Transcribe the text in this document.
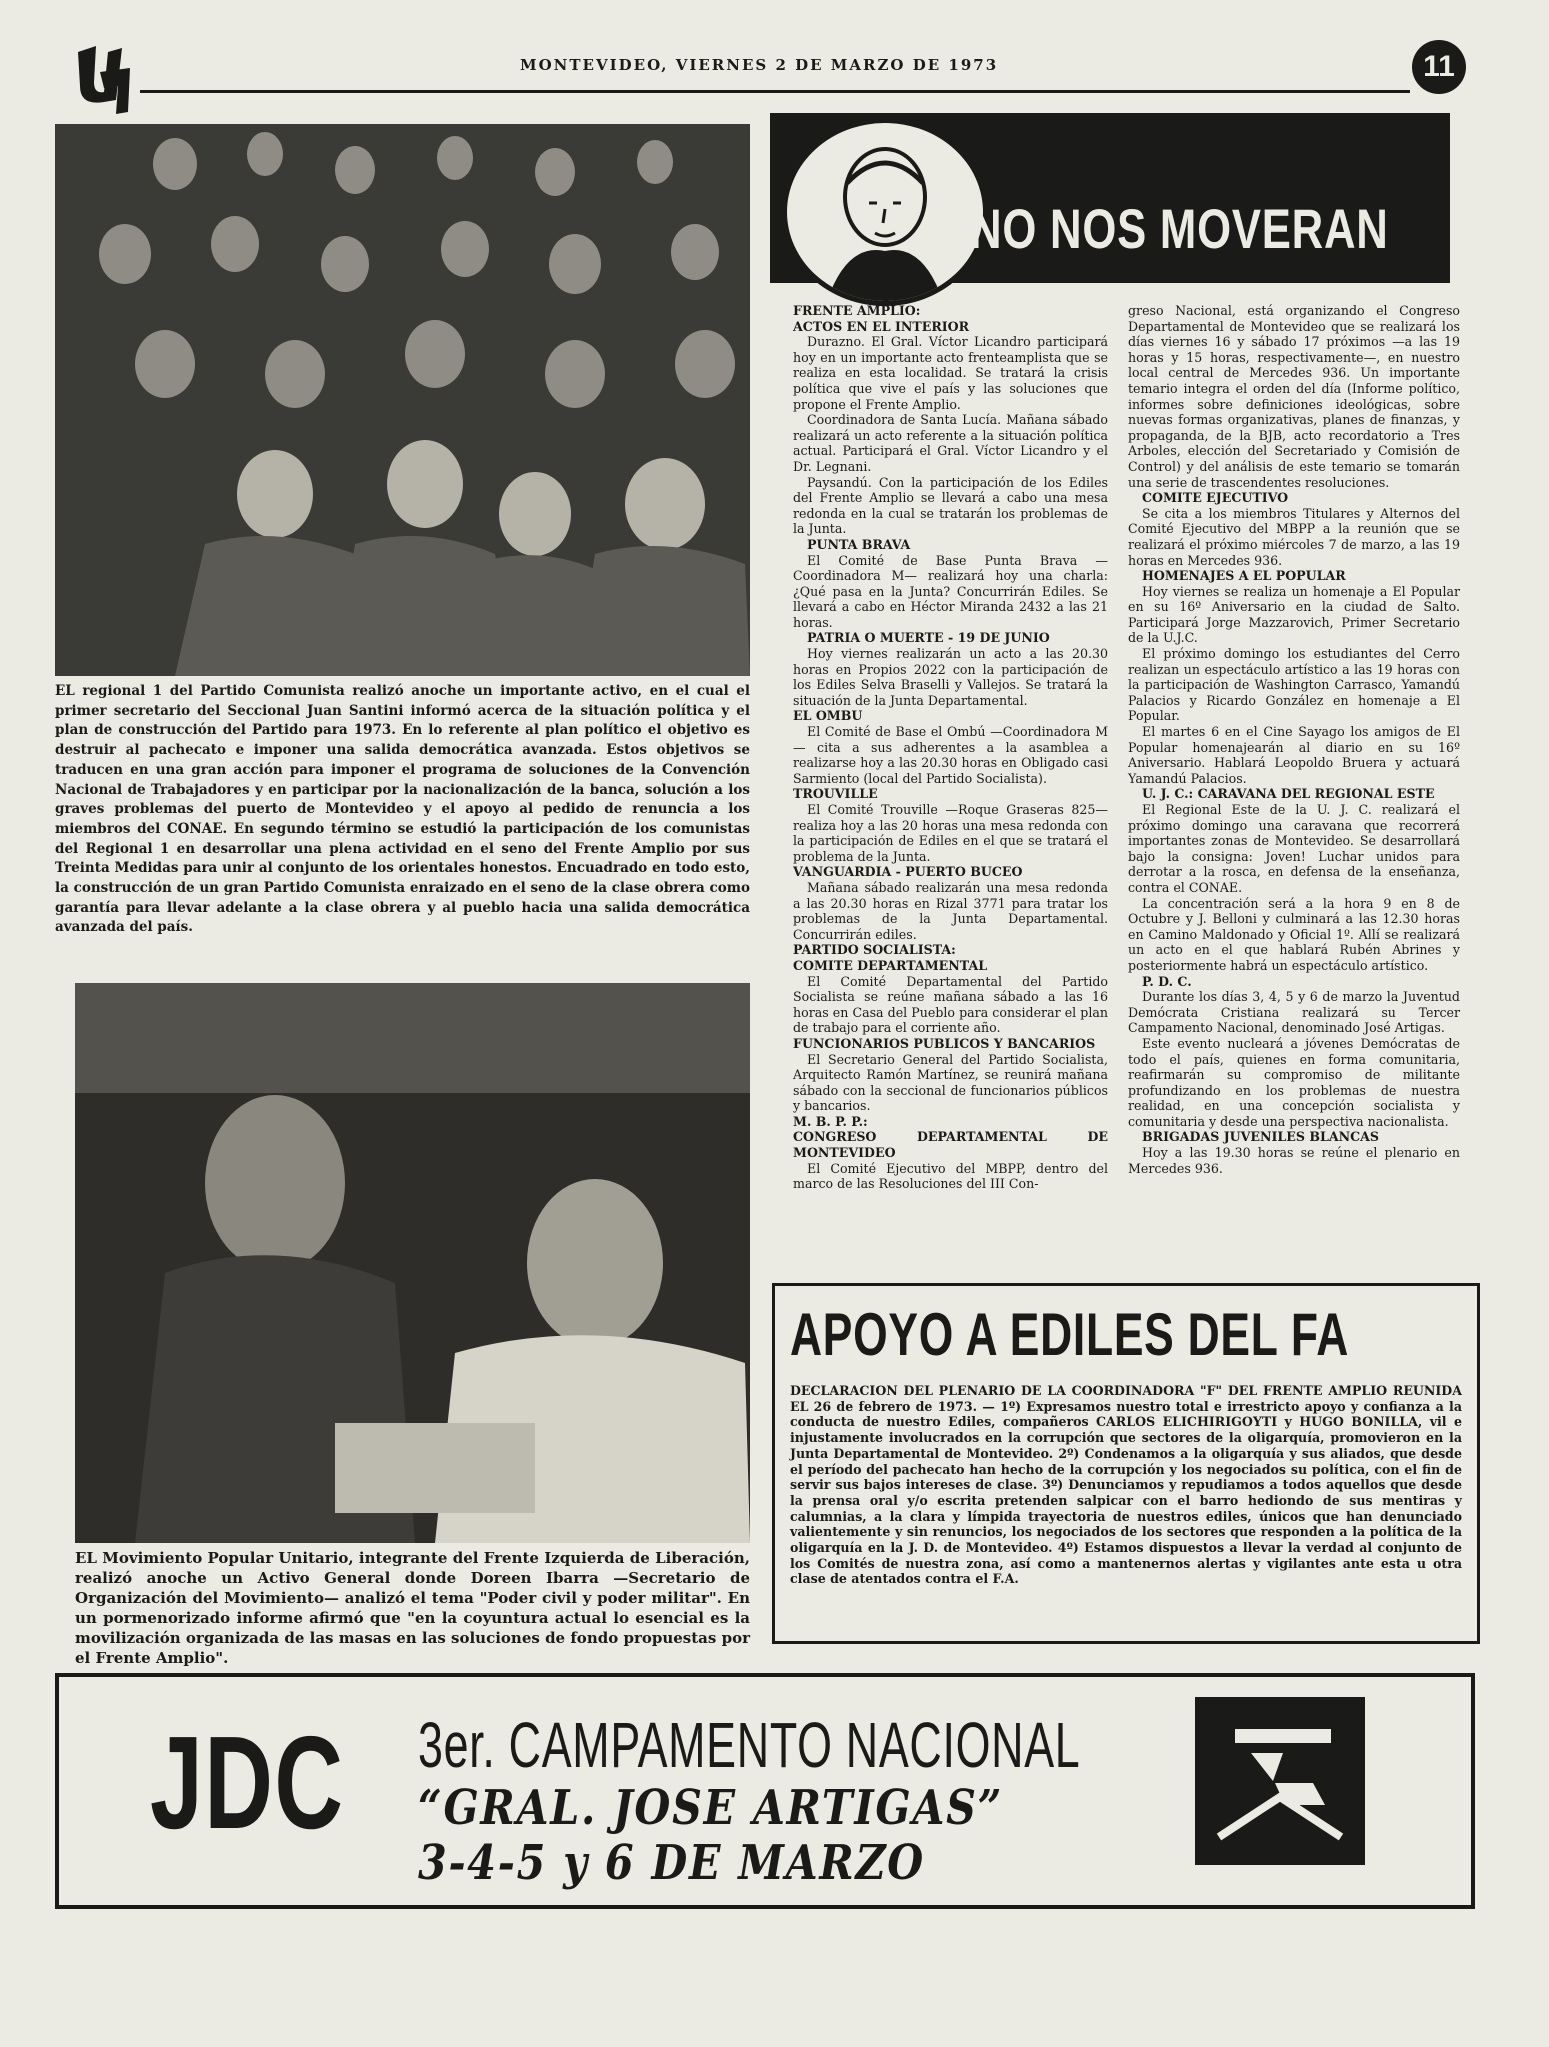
MONTEVIDEO, VIERNES 2 DE MARZO DE 1973	11
EL regional 1 del Partido Comunista realizó anoche un importante activo, en el cual el primer secretario del Seccional Juan Santini informó acerca de la situación política y el plan de construcción del Partido para 1973. En lo referente al plan político el objetivo es destruir al pachecato e imponer una salida democrática avanzada. Estos objetivos se traducen en una gran acción para imponer el programa de soluciones de la Convención Nacional de Trabajadores y en participar por la nacionalización de la banca, solución a los graves problemas del puerto de Montevideo y el apoyo al pedido de renuncia a los miembros del CONAE. En segundo término se estudió la participación de los comunistas del Regional 1 en desarrollar una plena actividad en el seno del Frente Amplio por sus Treinta Medidas para unir al conjunto de los orientales honestos. Encuadrado en todo esto, la construcción de un gran Partido Comunista enraizado en el seno de la clase obrera como garantía para llevar adelante a la clase obrera y al pueblo hacia una salida democrática avanzada del país.
EL Movimiento Popular Unitario, integrante del Frente Izquierda de Liberación, realizó anoche un Activo General donde Doreen Ibarra —Secretario de Organización del Movimiento— analizó el tema "Poder civil y poder militar". En un pormenorizado informe afirmó que "en la coyuntura actual lo esencial es la movilización organizada de las masas en las soluciones de fondo propuestas por el Frente Amplio".
NO NOS MOVERAN

FRENTE AMPLIO:

ACTOS EN EL INTERIOR

Durazno. El Gral. Víctor Licandro participará hoy en un importante acto frenteamplista que se realiza en esta localidad. Se tratará la crisis política que vive el país y las soluciones que propone el Frente Amplio.

Coordinadora de Santa Lucía. Mañana sábado realizará un acto referente a la situación política actual. Participará el Gral. Víctor Licandro y el Dr. Legnani.

Paysandú. Con la participación de los Ediles del Frente Amplio se llevará a cabo una mesa redonda en la cual se tratarán los problemas de la Junta.

PUNTA BRAVA

El Comité de Base Punta Brava —Coordinadora M— realizará hoy una charla: ¿Qué pasa en la Junta? Concurrirán Ediles. Se llevará a cabo en Héctor Miranda 2432 a las 21 horas.

PATRIA O MUERTE - 19 DE JUNIO

Hoy viernes realizarán un acto a las 20.30 horas en Propios 2022 con la participación de los Ediles Selva Braselli y Vallejos. Se tratará la situación de la Junta Departamental.

EL OMBU

El Comité de Base el Ombú —Coordinadora M— cita a sus adherentes a la asamblea a realizarse hoy a las 20.30 horas en Obligado casi Sarmiento (local del Partido Socialista).

TROUVILLE

El Comité Trouville —Roque Graseras 825— realiza hoy a las 20 horas una mesa redonda con la participación de Ediles en el que se tratará el problema de la Junta.

VANGUARDIA - PUERTO BUCEO

Mañana sábado realizarán una mesa redonda a las 20.30 horas en Rizal 3771 para tratar los problemas de la Junta Departamental. Concurrirán ediles.

PARTIDO SOCIALISTA:

COMITE DEPARTAMENTAL

El Comité Departamental del Partido Socialista se reúne mañana sábado a las 16 horas en Casa del Pueblo para considerar el plan de trabajo para el corriente año.

FUNCIONARIOS PUBLICOS Y BANCARIOS

El Secretario General del Partido Socialista, Arquitecto Ramón Martínez, se reunirá mañana sábado con la seccional de funcionarios públicos y bancarios.

M. B. P. P.:

CONGRESO DEPARTAMENTAL DE MONTEVIDEO

El Comité Ejecutivo del MBPP, dentro del marco de las Resoluciones del III Con-

greso Nacional, está organizando el Congreso Departamental de Montevideo que se realizará los días viernes 16 y sábado 17 próximos —a las 19 horas y 15 horas, respectivamente—, en nuestro local central de Mercedes 936. Un importante temario integra el orden del día (Informe político, informes sobre definiciones ideológicas, sobre nuevas formas organizativas, planes de finanzas, y propaganda, de la BJB, acto recordatorio a Tres Arboles, elección del Secretariado y Comisión de Control) y del análisis de este temario se tomarán una serie de trascendentes resoluciones.

COMITE EJECUTIVO

Se cita a los miembros Titulares y Alternos del Comité Ejecutivo del MBPP a la reunión que se realizará el próximo miércoles 7 de marzo, a las 19 horas en Mercedes 936.

HOMENAJES A EL POPULAR

Hoy viernes se realiza un homenaje a El Popular en su 16º Aniversario en la ciudad de Salto. Participará Jorge Mazzarovich, Primer Secretario de la U.J.C.

El próximo domingo los estudiantes del Cerro realizan un espectáculo artístico a las 19 horas con la participación de Washington Carrasco, Yamandú Palacios y Ricardo González en homenaje a El Popular.

El martes 6 en el Cine Sayago los amigos de El Popular homenajearán al diario en su 16º Aniversario. Hablará Leopoldo Bruera y actuará Yamandú Palacios.

U. J. C.: CARAVANA DEL REGIONAL ESTE

El Regional Este de la U. J. C. realizará el próximo domingo una caravana que recorrerá importantes zonas de Montevideo. Se desarrollará bajo la consigna: Joven! Luchar unidos para derrotar a la rosca, en defensa de la enseñanza, contra el CONAE.

La concentración será a la hora 9 en 8 de Octubre y J. Belloni y culminará a las 12.30 horas en Camino Maldonado y Oficial 1º. Allí se realizará un acto en el que hablará Rubén Abrines y posteriormente habrá un espectáculo artístico.

P. D. C.

Durante los días 3, 4, 5 y 6 de marzo la Juventud Demócrata Cristiana realizará su Tercer Campamento Nacional, denominado José Artigas.

Este evento nucleará a jóvenes Demócratas de todo el país, quienes en forma comunitaria, reafirmarán su compromiso de militante profundizando en los problemas de nuestra realidad, en una concepción socialista y comunitaria y desde una perspectiva nacionalista.

BRIGADAS JUVENILES BLANCAS

Hoy a las 19.30 horas se reúne el plenario en Mercedes 936.

APOYO A EDILES DEL FA
DECLARACION DEL PLENARIO DE LA COORDINADORA "F" DEL FRENTE AMPLIO REUNIDA EL 26 de febrero de 1973. — 1º) Expresamos nuestro total e irrestricto apoyo y confianza a la conducta de nuestro Ediles, compañeros CARLOS ELICHIRIGOYTI y HUGO BONILLA, vil e injustamente involucrados en la corrupción que sectores de la oligarquía, promovieron en la Junta Departamental de Montevideo. 2º) Condenamos a la oligarquía y sus aliados, que desde el período del pachecato han hecho de la corrupción y los negociados su política, con el fin de servir sus bajos intereses de clase. 3º) Denunciamos y repudiamos a todos aquellos que desde la prensa oral y/o escrita pretenden salpicar con el barro hediondo de sus mentiras y calumnias, a la clara y límpida trayectoria de nuestros ediles, únicos que han denunciado valientemente y sin renuncios, los negociados de los sectores que responden a la política de la oligarquía en la J. D. de Montevideo. 4º) Estamos dispuestos a llevar la verdad al conjunto de los Comités de nuestra zona, así como a mantenernos alertas y vigilantes ante esta u otra clase de atentados contra el F.A.
JDC 3er. CAMPAMENTO NACIONAL
“GRAL. JOSE ARTIGAS”
3-4-5 y 6 DE MARZO
